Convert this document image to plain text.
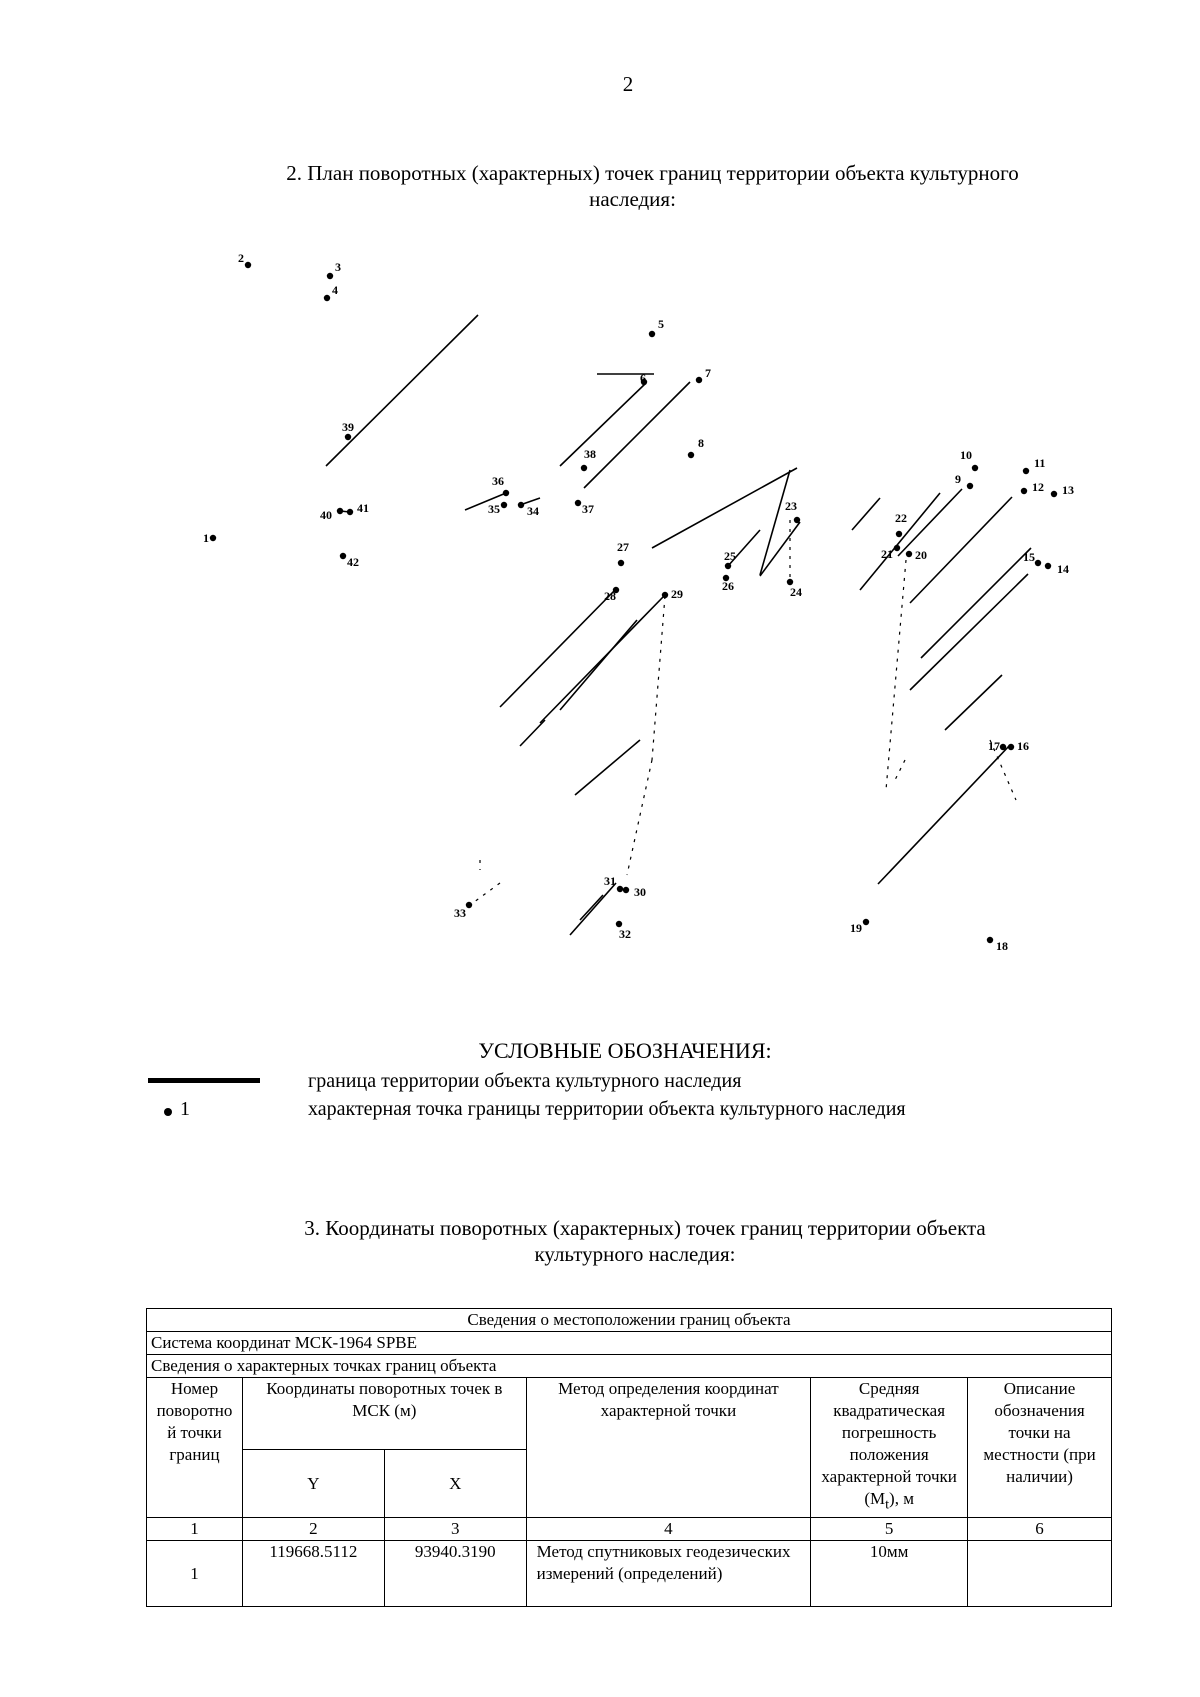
2
2. План поворотных (характерных) точек границ территории объекта культурного
наследия:
1
2
3
4
5
6	7
8
9
10
11
12 13
14
15
16
17
18
19
20
21
22
23
24
25
26
27
28	29
30
31
32
33
34
35
36
37
38
39
40 41
42
УСЛОВНЫЕ ОБОЗНАЧЕНИЯ:
граница территории объекта культурного наследия
1	характерная точка границы территории объекта культурного наследия
3. Координаты поворотных (характерных) точек границ территории объекта
культурного наследия:
Сведения о местоположении границ объекта					
Система координат МСК-1964 SPBE					
Сведения о характерных точках границ объекта					
Номер поворотно й точки границ	Координаты поворотных точек в МСК (м)		Метод определения координат характерной точки	Средняя квадратическая погрешность положения характерной точки $(M_t)$, м	Описание обозначения точки на местности (при наличии)
	Y	X			
1	2	3	4	5	6
1	119668.5112	93940.3190	Метод спутниковых геодезических измерений (определений)	10мм	
